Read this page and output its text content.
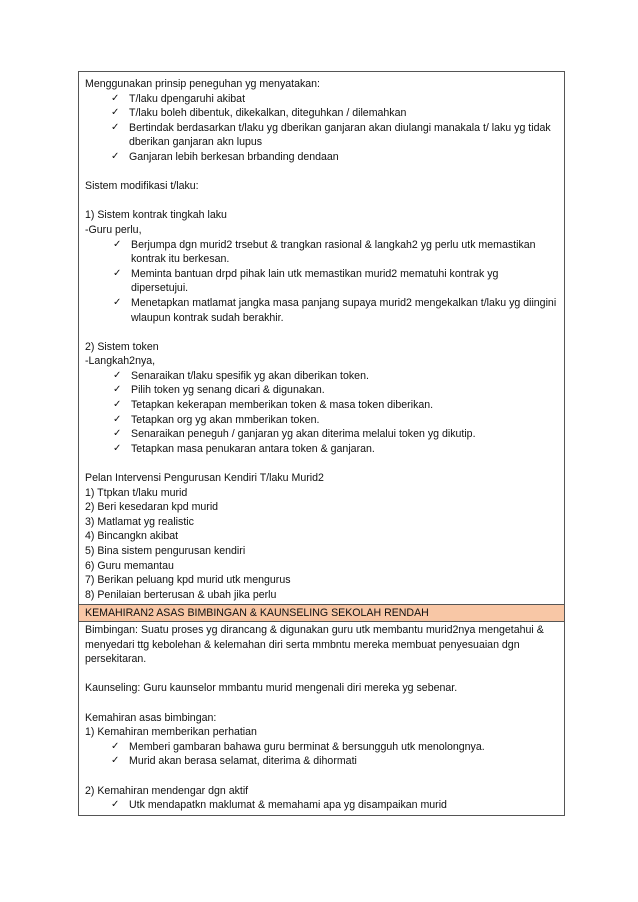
Menggunakan prinsip peneguhan yg menyatakan:

✓ T/laku dpengaruhi akibat
✓ T/laku boleh dibentuk, dikekalkan, diteguhkan / dilemahkan
✓ Bertindak berdasarkan t/laku yg dberikan ganjaran akan diulangi manakala t/ laku yg tidak dberikan ganjaran akn lupus
✓ Ganjaran lebih berkesan brbanding dendaan

Sistem modifikasi t/laku:

1) Sistem kontrak tingkah laku

-Guru perlu,

✓ Berjumpa dgn murid2 trsebut & trangkan rasional & langkah2 yg perlu utk memastikan kontrak itu berkesan.
✓ Meminta bantuan drpd pihak lain utk memastikan murid2 mematuhi kontrak yg dipersetujui.
✓ Menetapkan matlamat jangka masa panjang supaya murid2 mengekalkan t/laku yg diingini wlaupun kontrak sudah berakhir.

2) Sistem token

-Langkah2nya,

✓ Senaraikan t/laku spesifik yg akan diberikan token.
✓ Pilih token yg senang dicari & digunakan.
✓ Tetapkan kekerapan memberikan token & masa token diberikan.
✓ Tetapkan org yg akan mmberikan token.
✓ Senaraikan peneguh / ganjaran yg akan diterima melalui token yg dikutip.
✓ Tetapkan masa penukaran antara token & ganjaran.

Pelan Intervensi Pengurusan Kendiri T/laku Murid2

1) Ttpkan t/laku murid

2) Beri kesedaran kpd murid

3) Matlamat yg realistic

4) Bincangkn akibat

5) Bina sistem pengurusan kendiri

6) Guru memantau

7) Berikan peluang kpd murid utk mengurus

8) Penilaian berterusan & ubah jika perlu

KEMAHIRAN2 ASAS BIMBINGAN & KAUNSELING SEKOLAH RENDAH

Bimbingan: Suatu proses yg dirancang & digunakan guru utk membantu murid2nya mengetahui & menyedari ttg kebolehan & kelemahan diri serta mmbntu mereka membuat penyesuaian dgn persekitaran.

Kaunseling: Guru kaunselor mmbantu murid mengenali diri mereka yg sebenar.

Kemahiran asas bimbingan:

1) Kemahiran memberikan perhatian

✓ Memberi gambaran bahawa guru berminat & bersungguh utk menolongnya.
✓ Murid akan berasa selamat, diterima & dihormati

2) Kemahiran mendengar dgn aktif

✓ Utk mendapatkn maklumat & memahami apa yg disampaikan murid
